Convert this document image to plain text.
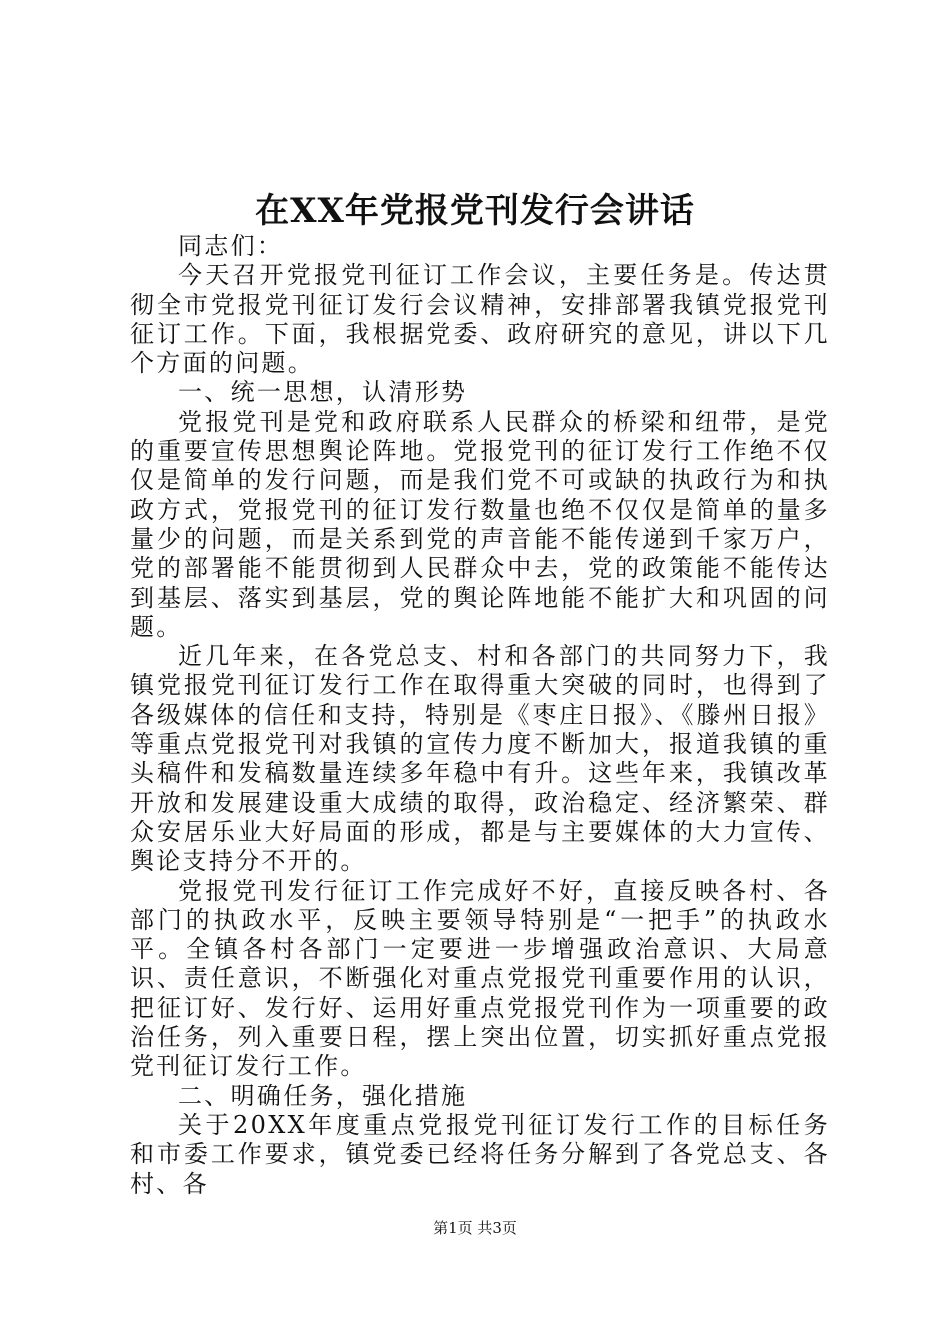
在XX年党报党刊发行会讲话

同志们：

今天召开党报党刊征订工作会议，主要任务是。传达贯彻全市党报党刊征订发行会议精神，安排部署我镇党报党刊征订工作。下面，我根据党委、政府研究的意见，讲以下几个方面的问题。

一、统一思想，认清形势

党报党刊是党和政府联系人民群众的桥梁和纽带，是党的重要宣传思想舆论阵地。党报党刊的征订发行工作绝不仅仅是简单的发行问题，而是我们党不可或缺的执政行为和执政方式，党报党刊的征订发行数量也绝不仅仅是简单的量多量少的问题，而是关系到党的声音能不能传递到千家万户，党的部署能不能贯彻到人民群众中去，党的政策能不能传达到基层、落实到基层，党的舆论阵地能不能扩大和巩固的问题。

近几年来，在各党总支、村和各部门的共同努力下，我镇党报党刊征订发行工作在取得重大突破的同时，也得到了各级媒体的信任和支持，特别是《枣庄日报》、《滕州日报》等重点党报党刊对我镇的宣传力度不断加大，报道我镇的重头稿件和发稿数量连续多年稳中有升。这些年来，我镇改革开放和发展建设重大成绩的取得，政治稳定、经济繁荣、群众安居乐业大好局面的形成，都是与主要媒体的大力宣传、舆论支持分不开的。

党报党刊发行征订工作完成好不好，直接反映各村、各部门的执政水平，反映主要领导特别是“一把手”的执政水平。全镇各村各部门一定要进一步增强政治意识、大局意识、责任意识，不断强化对重点党报党刊重要作用的认识，把征订好、发行好、运用好重点党报党刊作为一项重要的政治任务，列入重要日程，摆上突出位置，切实抓好重点党报党刊征订发行工作。

二、明确任务，强化措施

关于20XX年度重点党报党刊征订发行工作的目标任务和市委工作要求，镇党委已经将任务分解到了各党总支、各村、各

第1页 共3页
